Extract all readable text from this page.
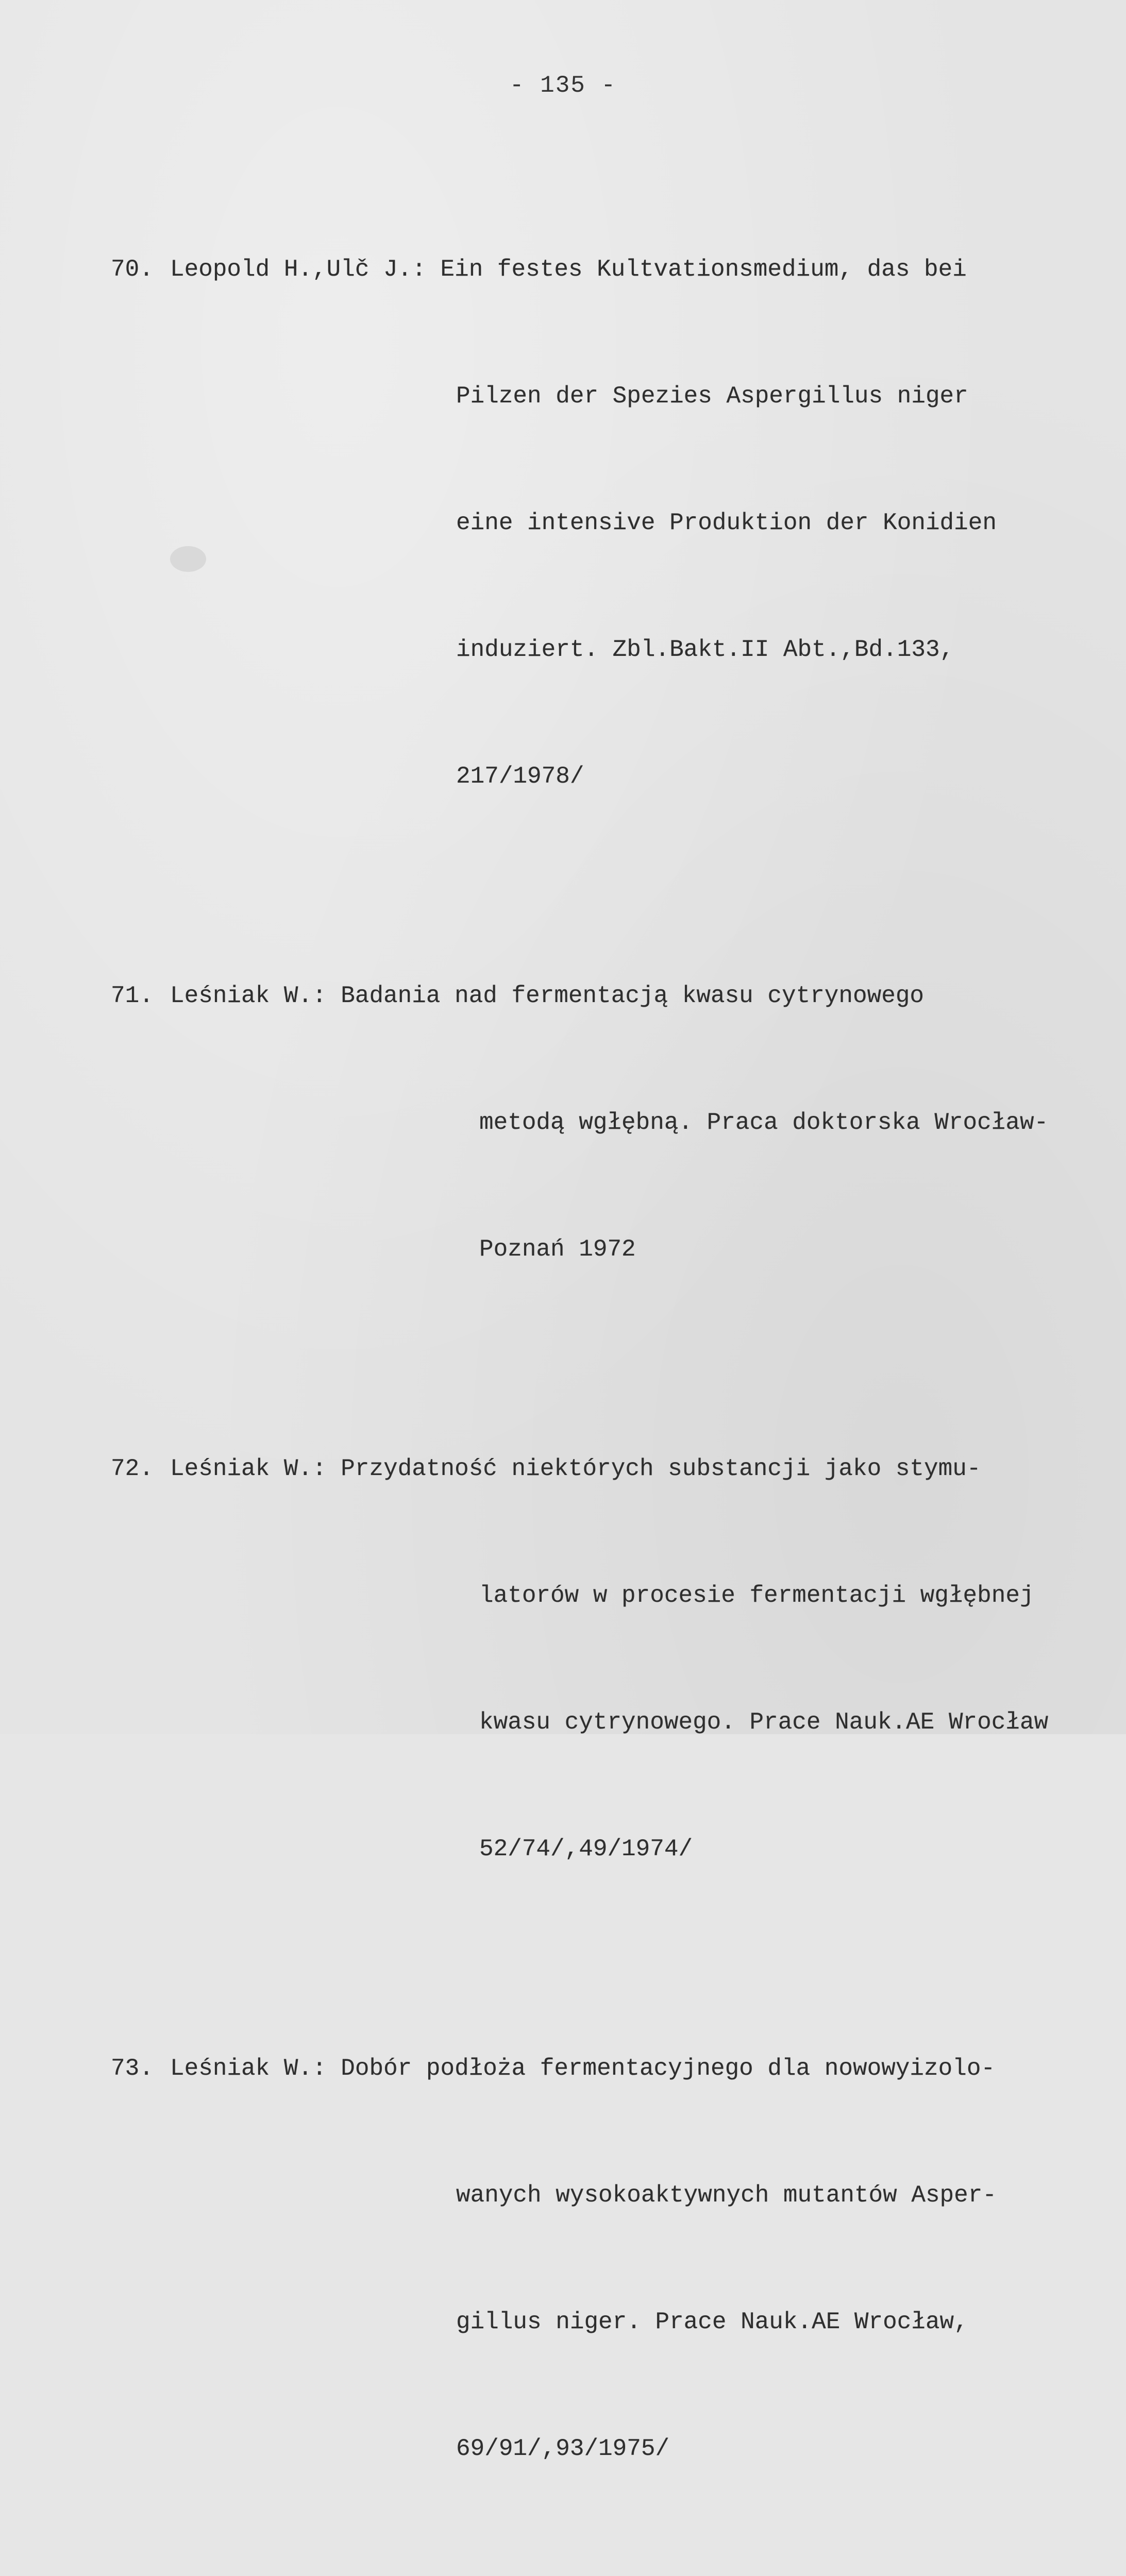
- 135 -

70. Leopold H.,Ulč J.: Ein festes Kultvationsmedium, das bei

Pilzen der Spezies Aspergillus niger

eine intensive Produktion der Konidien

induziert. Zbl.Bakt.II Abt.,Bd.133,

217/1978/

71. Leśniak W.: Badania nad fermentacją kwasu cytrynowego

metodą wgłębną. Praca doktorska Wrocław-

Poznań 1972

72. Leśniak W.: Przydatność niektórych substancji jako stymu-

latorów w procesie fermentacji wgłębnej

kwasu cytrynowego. Prace Nauk.AE Wrocław

52/74/,49/1974/

73. Leśniak W.: Dobór podłoża fermentacyjnego dla nowowyizolo-

wanych wysokoaktywnych mutantów Asper-

gillus niger. Prace Nauk.AE Wrocław,

69/91/,93/1975/
